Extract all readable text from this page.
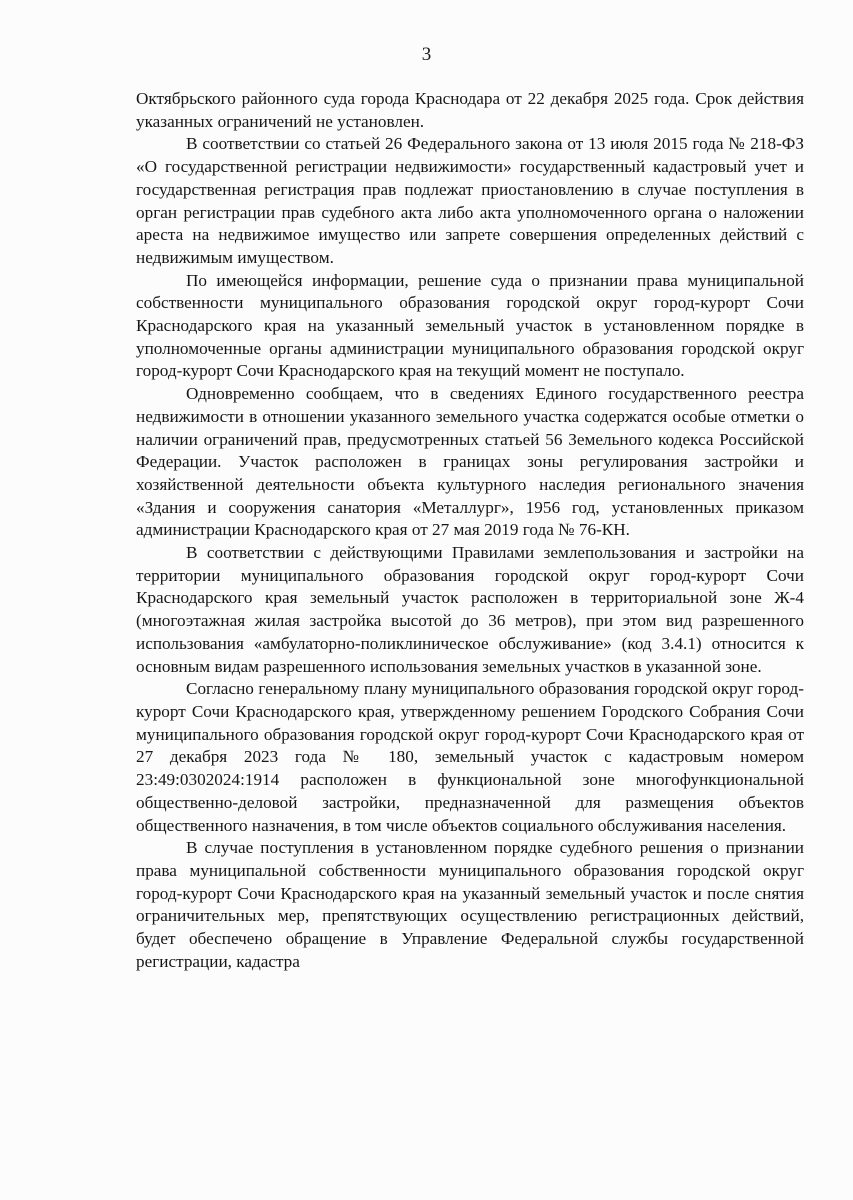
3

Октябрьского районного суда города Краснодара от 22 декабря 2025 года. Срок действия указанных ограничений не установлен.

В соответствии со статьей 26 Федерального закона от 13 июля 2015 года № 218-ФЗ «О государственной регистрации недвижимости» государственный кадастровый учет и государственная регистрация прав подлежат приостановлению в случае поступления в орган регистрации прав судебного акта либо акта уполномоченного органа о наложении ареста на недвижимое имущество или запрете совершения определенных действий с недвижимым имуществом.

По имеющейся информации, решение суда о признании права муниципальной собственности муниципального образования городской округ город-курорт Сочи Краснодарского края на указанный земельный участок в установленном порядке в уполномоченные органы администрации муниципального образования городской округ город-курорт Сочи Краснодарского края на текущий момент не поступало.

Одновременно сообщаем, что в сведениях Единого государственного реестра недвижимости в отношении указанного земельного участка содержатся особые отметки о наличии ограничений прав, предусмотренных статьей 56 Земельного кодекса Российской Федерации. Участок расположен в границах зоны регулирования застройки и хозяйственной деятельности объекта культурного наследия регионального значения «Здания и сооружения санатория «Металлург», 1956 год, установленных приказом администрации Краснодарского края от 27 мая 2019 года № 76-КН.

В соответствии с действующими Правилами землепользования и застройки на территории муниципального образования городской округ город-курорт Сочи Краснодарского края земельный участок расположен в территориальной зоне Ж-4 (многоэтажная жилая застройка высотой до 36 метров), при этом вид разрешенного использования «амбулаторно-поликлиническое обслуживание» (код 3.4.1) относится к основным видам разрешенного использования земельных участков в указанной зоне.

Согласно генеральному плану муниципального образования городской округ город-курорт Сочи Краснодарского края, утвержденному решением Городского Собрания Сочи муниципального образования городской округ город-курорт Сочи Краснодарского края от 27 декабря 2023 года № 180, земельный участок с кадастровым номером 23:49:0302024:1914 расположен в функциональной зоне многофункциональной общественно-деловой застройки, предназначенной для размещения объектов общественного назначения, в том числе объектов социального обслуживания населения.

В случае поступления в установленном порядке судебного решения о признании права муниципальной собственности муниципального образования городской округ город-курорт Сочи Краснодарского края на указанный земельный участок и после снятия ограничительных мер, препятствующих осуществлению регистрационных действий, будет обеспечено обращение в Управление Федеральной службы государственной регистрации, кадастра
